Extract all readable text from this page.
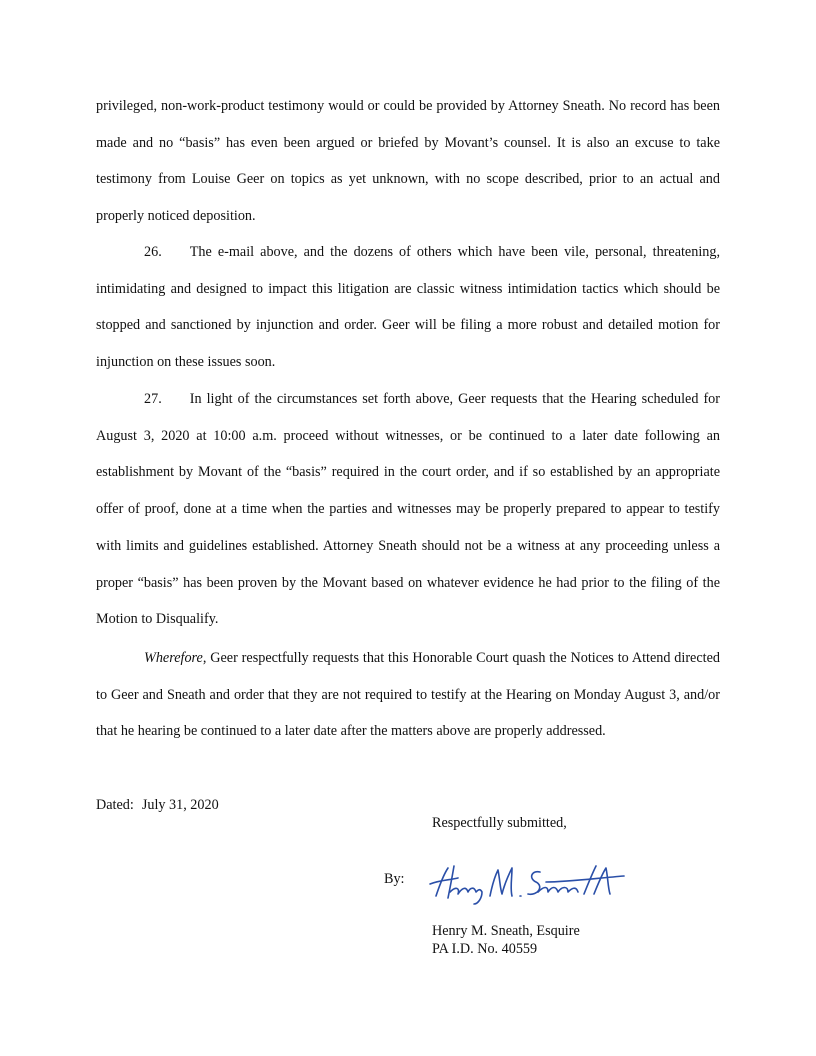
privileged, non-work-product testimony would or could be provided by Attorney Sneath. No record has been made and no “basis” has even been argued or briefed by Movant’s counsel. It is also an excuse to take testimony from Louise Geer on topics as yet unknown, with no scope described, prior to an actual and properly noticed deposition.

26. The e-mail above, and the dozens of others which have been vile, personal, threatening, intimidating and designed to impact this litigation are classic witness intimidation tactics which should be stopped and sanctioned by injunction and order. Geer will be filing a more robust and detailed motion for injunction on these issues soon.

27. In light of the circumstances set forth above, Geer requests that the Hearing scheduled for August 3, 2020 at 10:00 a.m. proceed without witnesses, or be continued to a later date following an establishment by Movant of the “basis” required in the court order, and if so established by an appropriate offer of proof, done at a time when the parties and witnesses may be properly prepared to appear to testify with limits and guidelines established. Attorney Sneath should not be a witness at any proceeding unless a proper “basis” has been proven by the Movant based on whatever evidence he had prior to the filing of the Motion to Disqualify.

Wherefore, Geer respectfully requests that this Honorable Court quash the Notices to Attend directed to Geer and Sneath and order that they are not required to testify at the Hearing on Monday August 3, and/or that he hearing be continued to a later date after the matters above are properly addressed.

Dated: July 31, 2020
Respectfully submitted,
By:
Henry M. Sneath, Esquire
PA I.D. No. 40559
